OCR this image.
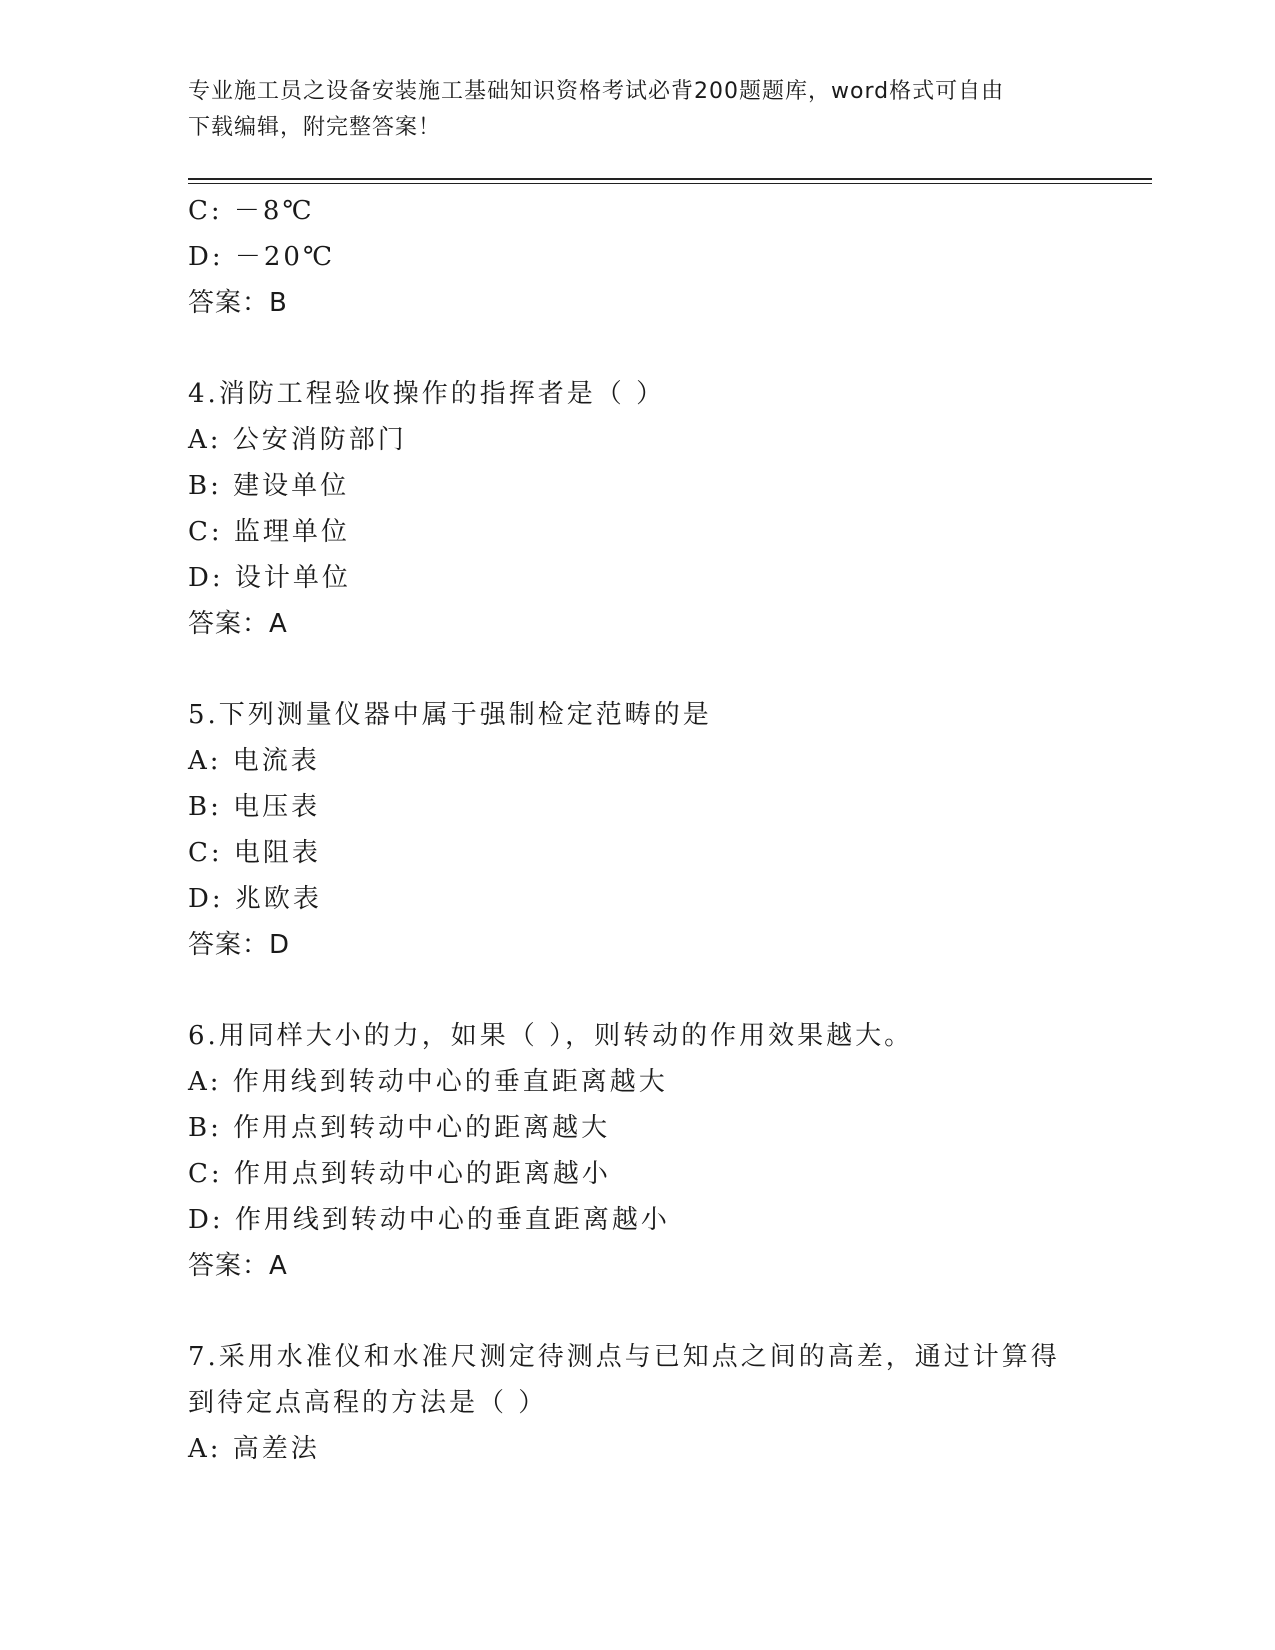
专业施工员之设备安装施工基础知识资格考试必背200题题库，word格式可自由
下载编辑，附完整答案！
C: －8℃
D: －20℃
答案：B
4.消防工程验收操作的指挥者是（ ）
A: 公安消防部门
B: 建设单位
C: 监理单位
D: 设计单位
答案：A
5.下列测量仪器中属于强制检定范畴的是
A: 电流表
B: 电压表
C: 电阻表
D: 兆欧表
答案：D
6.用同样大小的力，如果（ ），则转动的作用效果越大。
A: 作用线到转动中心的垂直距离越大
B: 作用点到转动中心的距离越大
C: 作用点到转动中心的距离越小
D: 作用线到转动中心的垂直距离越小
答案：A
7.采用水准仪和水准尺测定待测点与已知点之间的高差，通过计算得
到待定点高程的方法是（ ）
A: 高差法
